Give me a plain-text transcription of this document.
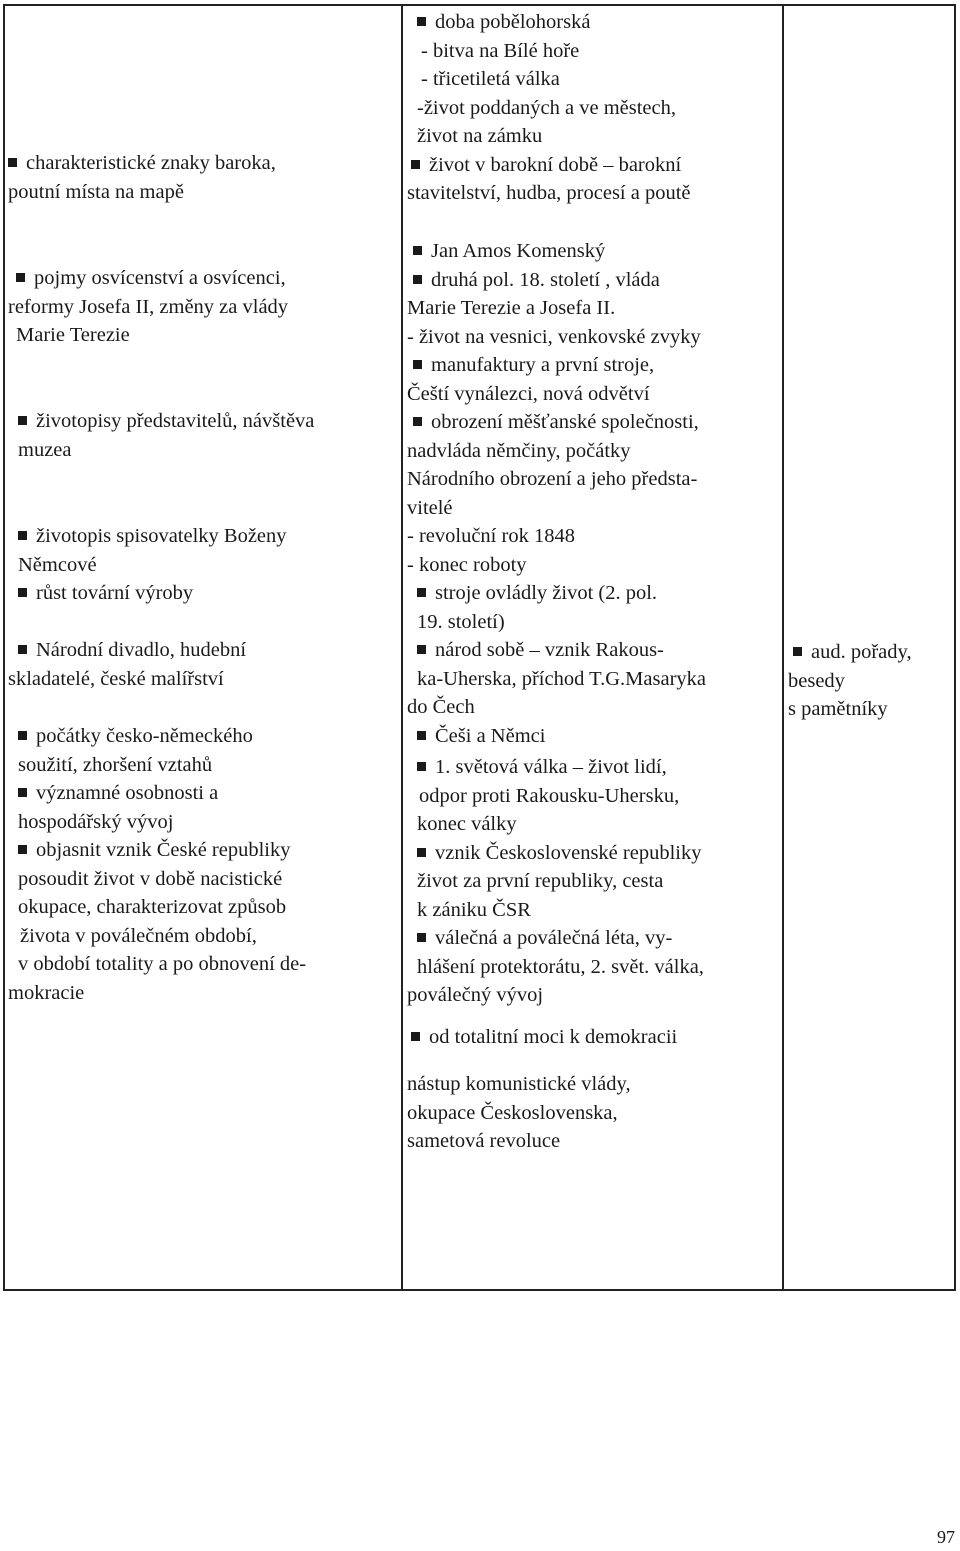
charakteristické znaky baroka,
poutní místa na mapě
pojmy osvícenství a osvícenci,
reformy Josefa II, změny za vlády
Marie Terezie
životopisy představitelů, návštěva
muzea
životopis spisovatelky Boženy
Němcové
růst tovární výroby
Národní divadlo, hudební
skladatelé, české malířství
počátky česko-německého
soužití, zhoršení vztahů
významné osobnosti a
hospodářský vývoj
objasnit vznik České republiky
posoudit život v době nacistické
okupace, charakterizovat způsob
života v poválečném období,
v období totality a po obnovení de-
mokracie
doba pobělohorská
- bitva na Bílé hoře
- třicetiletá válka
-život poddaných a ve městech,
život na zámku
život v barokní době – barokní
stavitelství, hudba, procesí a poutě
Jan Amos Komenský
druhá pol. 18. století , vláda
Marie Terezie a Josefa II.
- život na vesnici, venkovské zvyky
manufaktury a první stroje,
Čeští vynálezci, nová odvětví
obrození měšťanské společnosti,
nadvláda němčiny, počátky
Národního obrození a jeho předsta-
vitelé
- revoluční rok 1848
- konec roboty
stroje ovládly život (2. pol.
19. století)
národ sobě – vznik Rakous-
ka-Uherska, příchod T.G.Masaryka
do Čech
Češi a Němci
1. světová válka – život lidí,
odpor proti Rakousku-Uhersku,
konec války
vznik Československé republiky
život za první republiky, cesta
k zániku ČSR
válečná a poválečná léta, vy-
hlášení protektorátu, 2. svět. válka,
poválečný vývoj
od totalitní moci k demokracii
nástup komunistické vlády,
okupace Československa,
sametová revoluce
aud. pořady,
besedy
s pamětníky
97
